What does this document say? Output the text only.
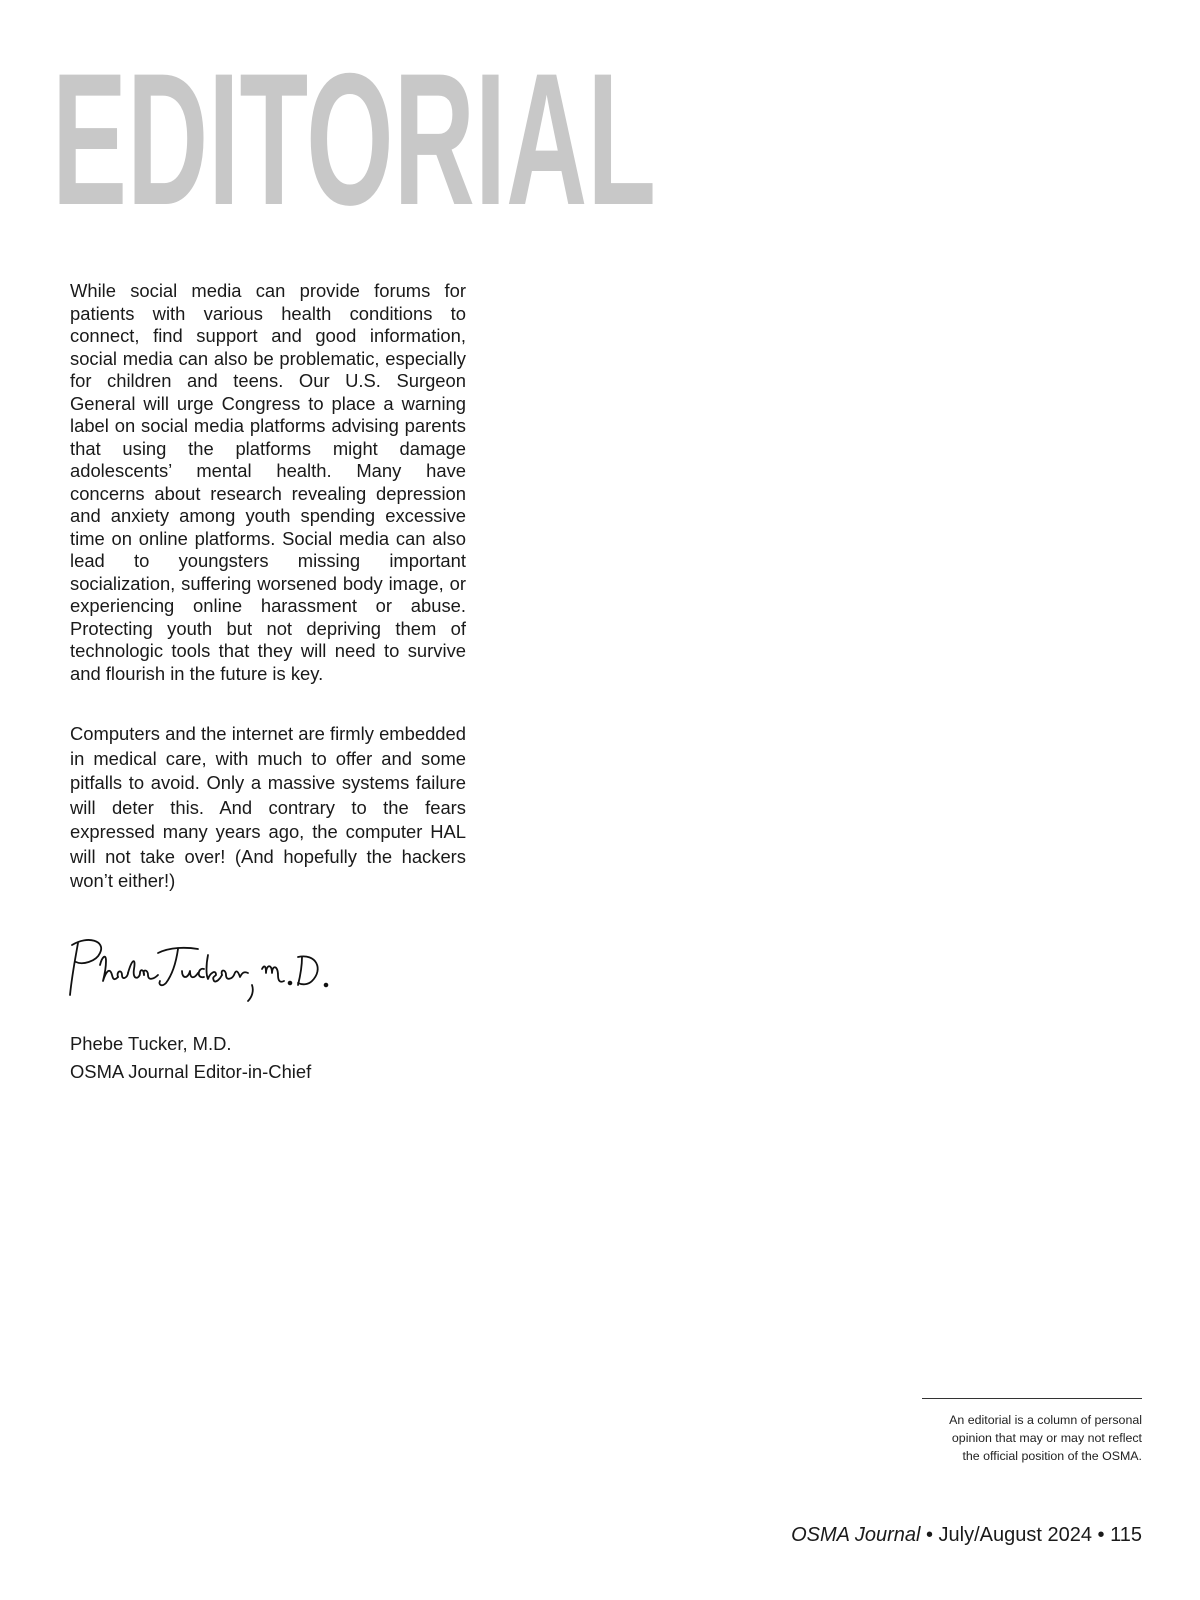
EDITORIAL

While social media can provide forums for patients with various health conditions to connect, find support and good information, social media can also be problematic, especially for children and teens. Our U.S. Surgeon General will urge Congress to place a warning label on social media platforms advising parents that using the platforms might damage adolescents’ mental health. Many have concerns about research revealing depression and anxiety among youth spending excessive time on online platforms. Social media can also lead to youngsters missing important socialization, suffering worsened body image, or experiencing online harassment or abuse. Protecting youth but not depriving them of technologic tools that they will need to survive and flourish in the future is key.

Computers and the internet are firmly embedded in medical care, with much to offer and some pitfalls to avoid. Only a massive systems failure will deter this. And contrary to the fears expressed many years ago, the computer HAL will not take over! (And hopefully the hackers won’t either!)

Phebe Tucker, M.D.
OSMA Journal Editor-in-Chief
An editorial is a column of personal
opinion that may or may not reflect
the official position of the OSMA.
OSMA Journal • July/August 2024 • 115
